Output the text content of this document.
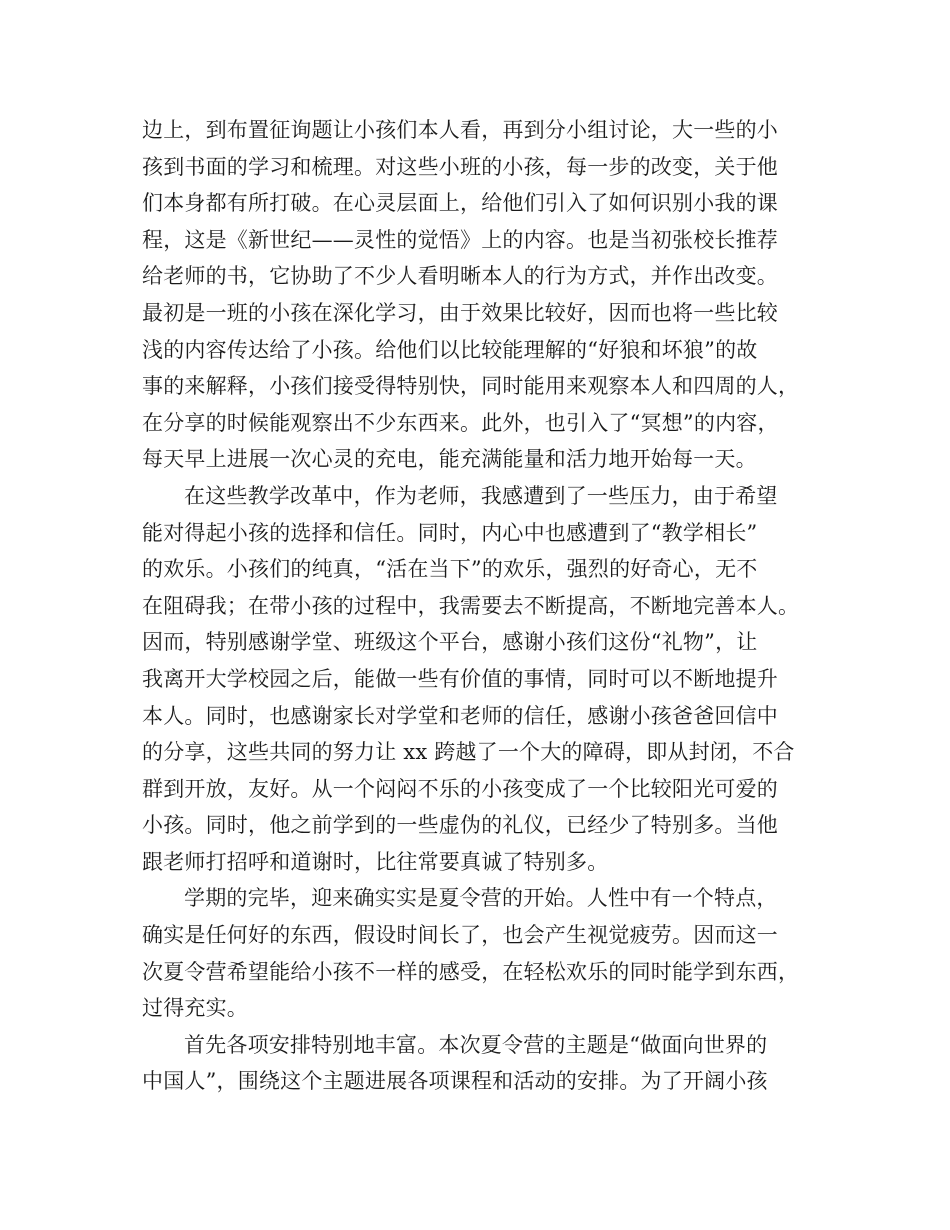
边上，到布置征询题让小孩们本人看，再到分小组讨论，大一些的小
孩到书面的学习和梳理。对这些小班的小孩，每一步的改变，关于他
们本身都有所打破。在心灵层面上，给他们引入了如何识别小我的课
程，这是《新世纪——灵性的觉悟》上的内容。也是当初张校长推荐
给老师的书，它协助了不少人看明晰本人的行为方式，并作出改变。
最初是一班的小孩在深化学习，由于效果比较好，因而也将一些比较
浅的内容传达给了小孩。给他们以比较能理解的“好狼和坏狼”的故
事的来解释，小孩们接受得特别快，同时能用来观察本人和四周的人，
在分享的时候能观察出不少东西来。此外，也引入了“冥想”的内容，
每天早上进展一次心灵的充电，能充满能量和活力地开始每一天。
在这些教学改革中，作为老师，我感遭到了一些压力，由于希望
能对得起小孩的选择和信任。同时，内心中也感遭到了“教学相长”
的欢乐。小孩们的纯真，“活在当下”的欢乐，强烈的好奇心，无不
在阻碍我；在带小孩的过程中，我需要去不断提高，不断地完善本人。
因而，特别感谢学堂、班级这个平台，感谢小孩们这份“礼物”，让
我离开大学校园之后，能做一些有价值的事情，同时可以不断地提升
本人。同时，也感谢家长对学堂和老师的信任，感谢小孩爸爸回信中
的分享，这些共同的努力让 xx 跨越了一个大的障碍，即从封闭，不合
群到开放，友好。从一个闷闷不乐的小孩变成了一个比较阳光可爱的
小孩。同时，他之前学到的一些虚伪的礼仪，已经少了特别多。当他
跟老师打招呼和道谢时，比往常要真诚了特别多。
学期的完毕，迎来确实实是夏令营的开始。人性中有一个特点，
确实是任何好的东西，假设时间长了，也会产生视觉疲劳。因而这一
次夏令营希望能给小孩不一样的感受，在轻松欢乐的同时能学到东西，
过得充实。
首先各项安排特别地丰富。本次夏令营的主题是“做面向世界的
中国人”，围绕这个主题进展各项课程和活动的安排。为了开阔小孩
